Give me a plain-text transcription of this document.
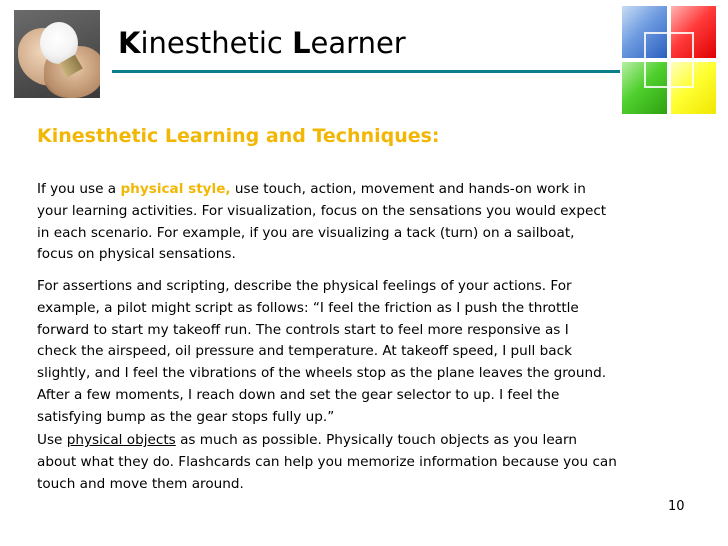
Kinesthetic Learner
Kinesthetic Learning and Techniques:

If you use a physical style, use touch, action, movement and hands-on work in
your learning activities. For visualization, focus on the sensations you would expect
in each scenario. For example, if you are visualizing a tack (turn) on a sailboat,
focus on physical sensations.

For assertions and scripting, describe the physical feelings of your actions. For
example, a pilot might script as follows: “I feel the friction as I push the throttle
forward to start my takeoff run. The controls start to feel more responsive as I
check the airspeed, oil pressure and temperature. At takeoff speed, I pull back
slightly, and I feel the vibrations of the wheels stop as the plane leaves the ground.
After a few moments, I reach down and set the gear selector to up. I feel the
satisfying bump as the gear stops fully up.”

Use physical objects as much as possible. Physically touch objects as you learn
about what they do. Flashcards can help you memorize information because you can
touch and move them around.

10
